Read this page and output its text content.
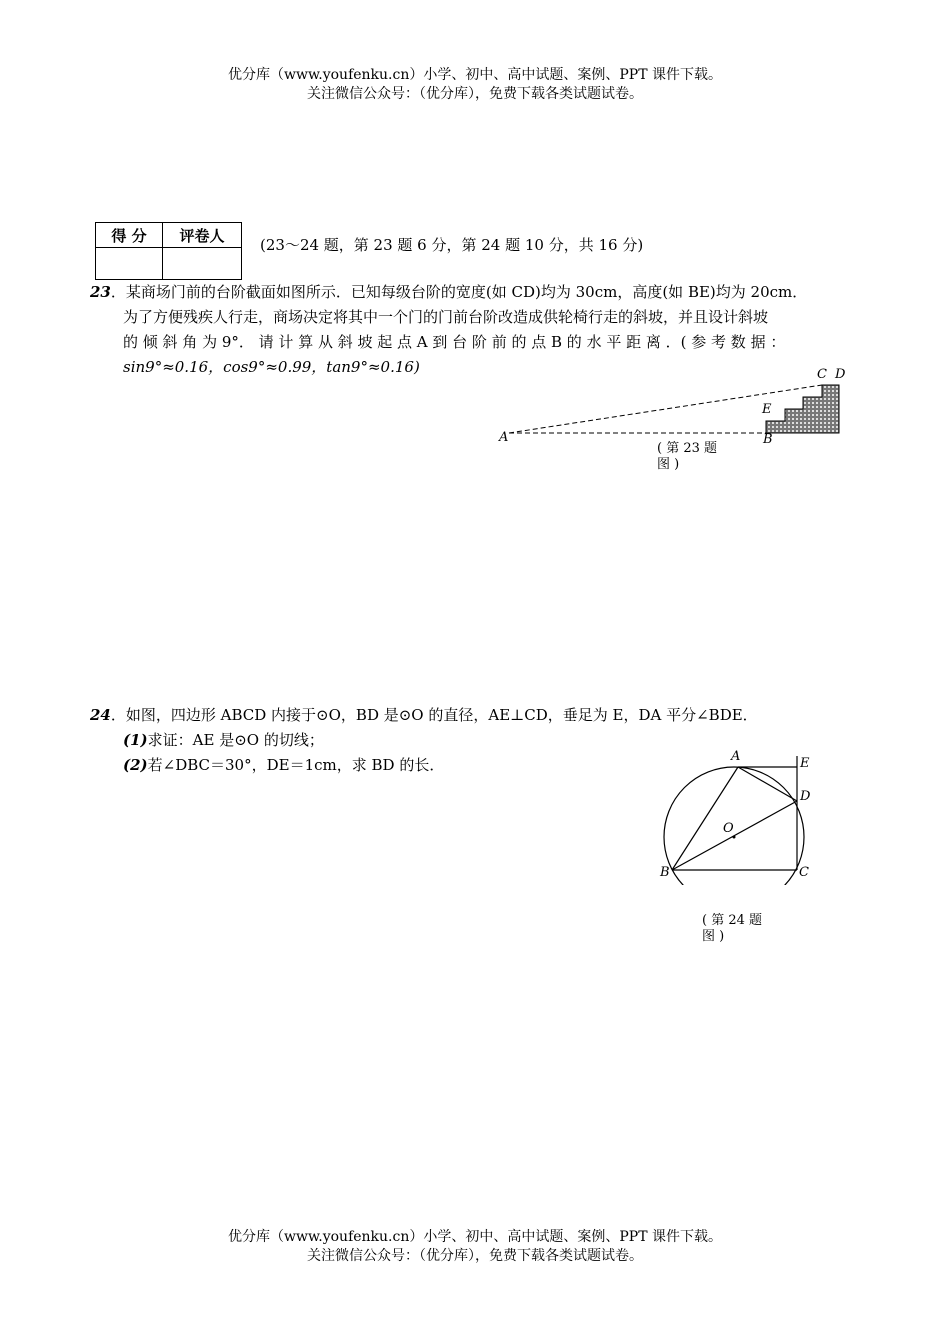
优分库（www.youfenku.cn）小学、初中、高中试题、案例、PPT 课件下载。
关注微信公众号：（优分库），免费下载各类试题试卷。
得 分	评卷人

(23～24 题，第 23 题 6 分，第 24 题 10 分，共 16 分)
23．某商场门前的台阶截面如图所示．已知每级台阶的宽度(如 CD)均为 30cm，高度(如 BE)均为 20cm．
为了方便残疾人行走，商场决定将其中一个门的门前台阶改造成供轮椅行走的斜坡，并且设计斜坡
的 倾 斜 角 为 9°． 请 计 算 从 斜 坡 起 点 A 到 台 阶 前 的 点 B 的 水 平 距 离 ．( 参 考 数 据 ：
sin9°≈0.16，cos9°≈0.99，tan9°≈0.16)
A	B
E
C D
( 第 23 题
图 )
24．如图，四边形 ABCD 内接于⊙O，BD 是⊙O 的直径，AE⊥CD，垂足为 E，DA 平分∠BDE．
(1)求证：AE 是⊙O 的切线；
(2)若∠DBC＝30°，DE＝1cm，求 BD 的长．	A	E
D
O
B	C
( 第 24 题
图 )
优分库（www.youfenku.cn）小学、初中、高中试题、案例、PPT 课件下载。
关注微信公众号：（优分库），免费下载各类试题试卷。
